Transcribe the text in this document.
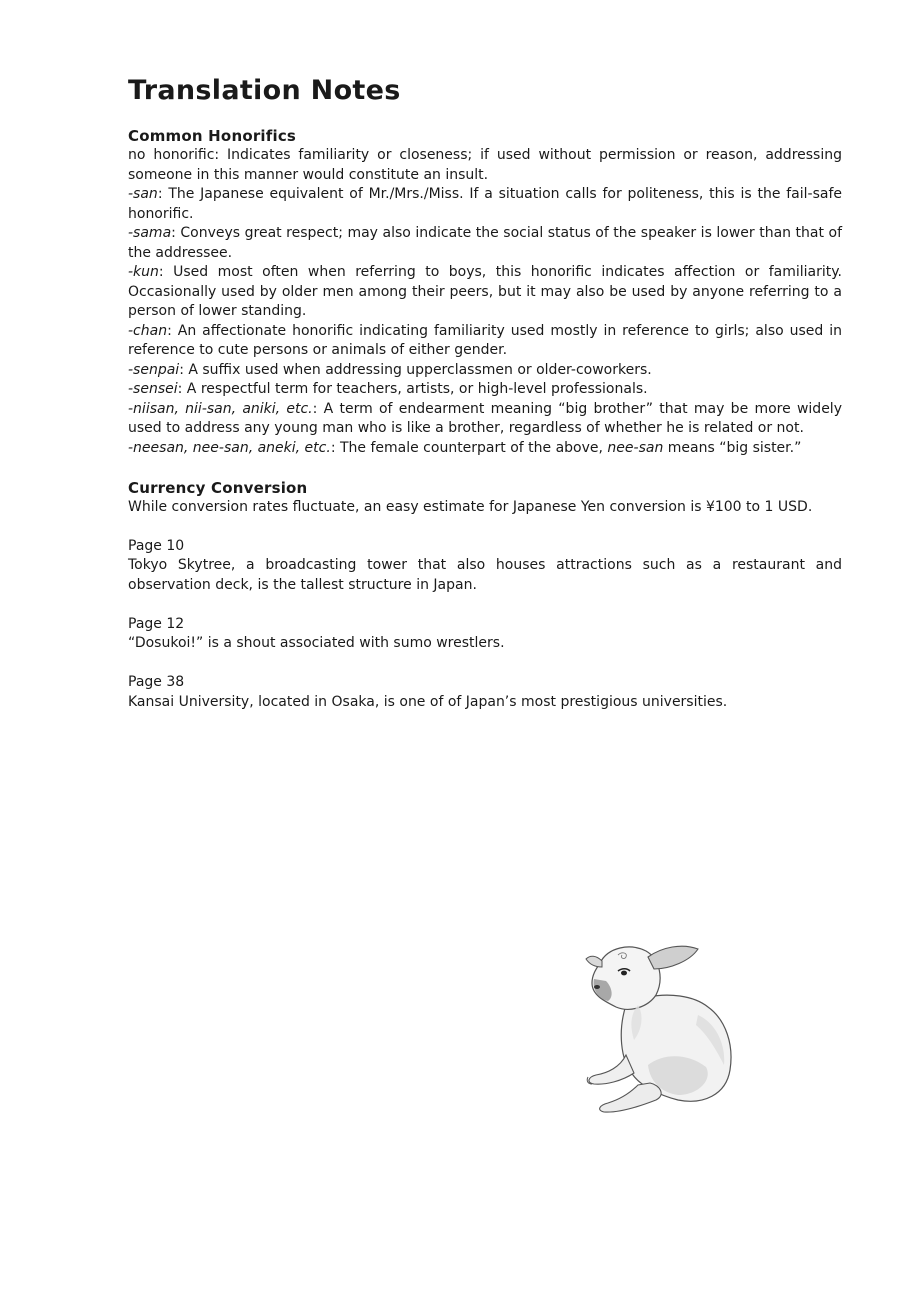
Translation Notes
Common Honorifics

no honorific: Indicates familiarity or closeness; if used without permission or reason, addressing someone in this manner would constitute an insult.

-san: The Japanese equivalent of Mr./Mrs./Miss. If a situation calls for politeness, this is the fail-safe honorific.

-sama: Conveys great respect; may also indicate the social status of the speaker is lower than that of the addressee.

-kun: Used most often when referring to boys, this honorific indicates affection or familiarity. Occasionally used by older men among their peers, but it may also be used by anyone referring to a person of lower standing.

-chan: An affectionate honorific indicating familiarity used mostly in reference to girls; also used in reference to cute persons or animals of either gender.

-senpai: A suffix used when addressing upperclassmen or older-coworkers.

-sensei: A respectful term for teachers, artists, or high-level professionals.

-niisan, nii-san, aniki, etc.: A term of endearment meaning “big brother” that may be more widely used to address any young man who is like a brother, regardless of whether he is related or not.

-neesan, nee-san, aneki, etc.: The female counterpart of the above, nee-san means “big sister.”

Currency Conversion

While conversion rates fluctuate, an easy estimate for Japanese Yen conversion is ¥100 to 1 USD.

Page 10

Tokyo Skytree, a broadcasting tower that also houses attractions such as a restaurant and observation deck, is the tallest structure in Japan.

Page 12

“Dosukoi!” is a shout associated with sumo wrestlers.

Page 38

Kansai University, located in Osaka, is one of of Japan’s most prestigious universities.
